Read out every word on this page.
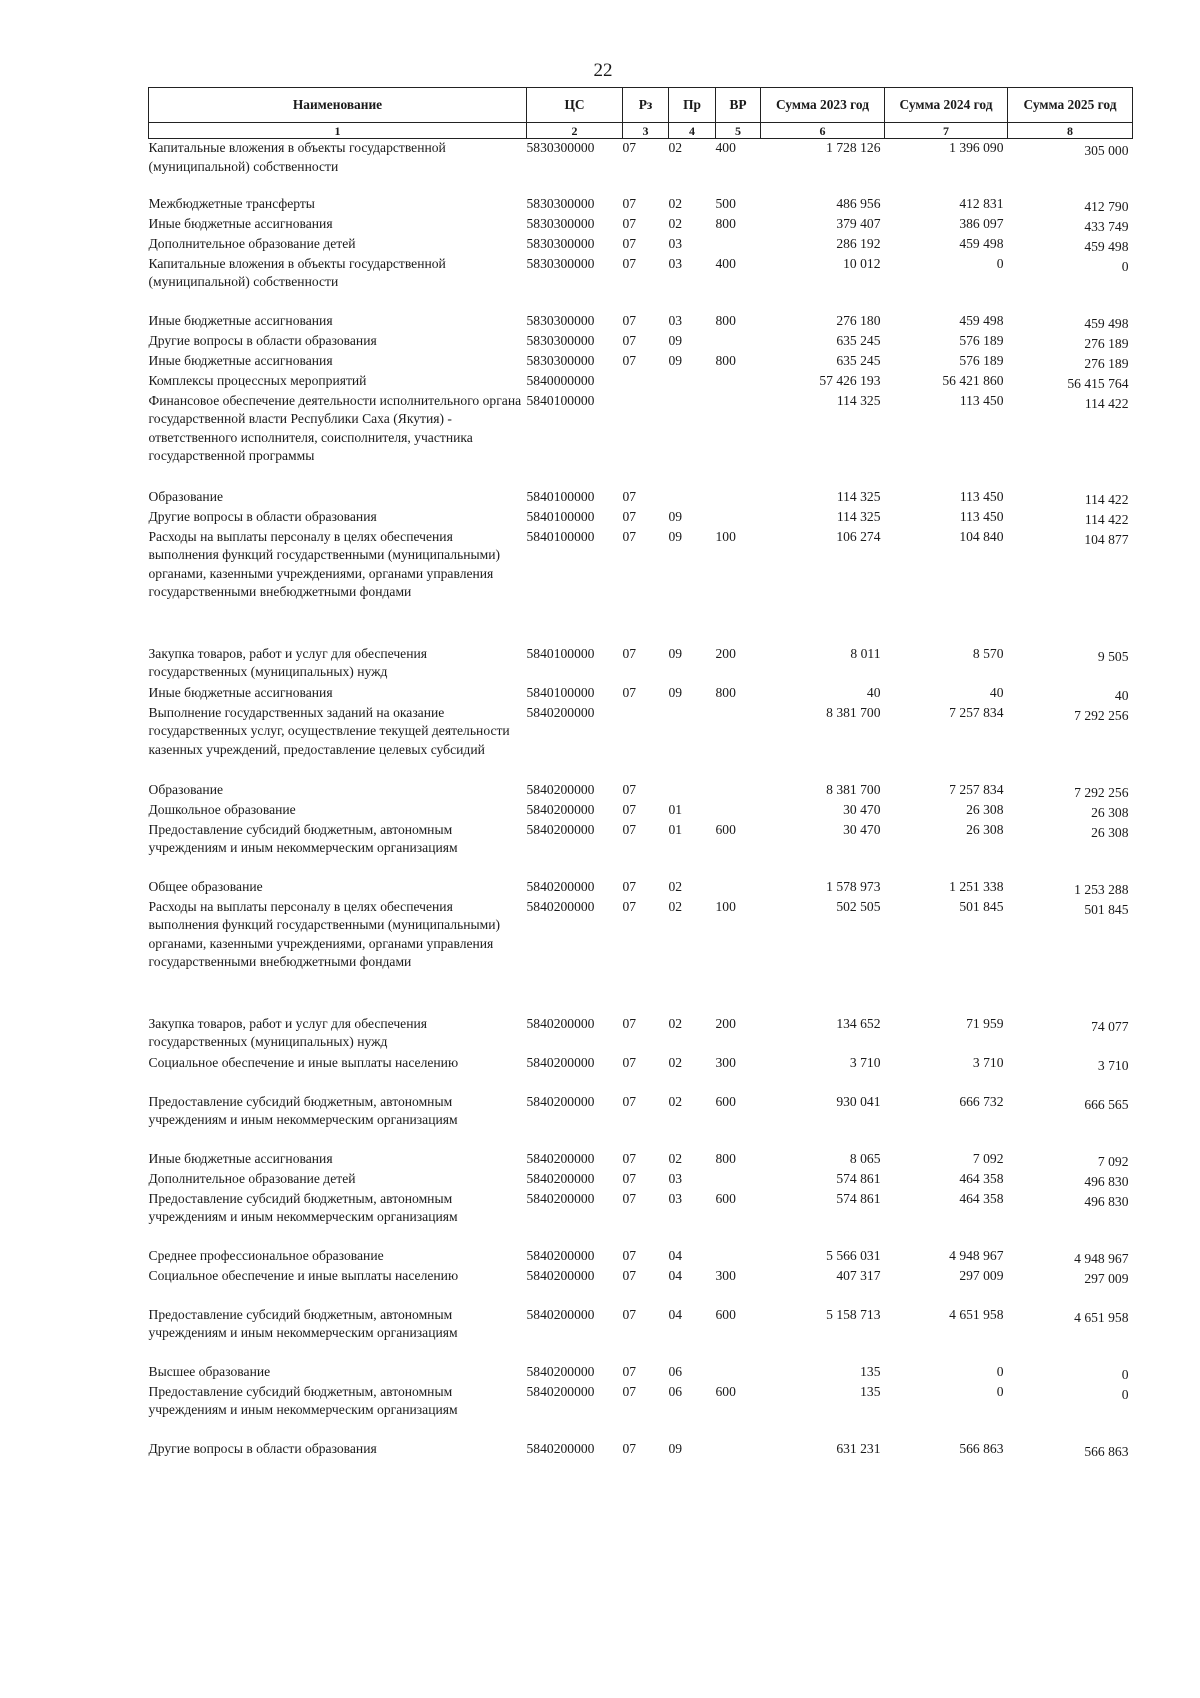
22
Наименование	ЦС	Рз	Пр	ВР	Сумма 2023 год	Сумма 2024 год	Сумма 2025 год
1	2	3	4	5	6	7	8
Капитальные вложения в объекты государственной (муниципальной) собственности	5830300000	07	02	400	1 728 126	1 396 090	305 000
Межбюджетные трансферты	5830300000	07	02	500	486 956	412 831	412 790
Иные бюджетные ассигнования	5830300000	07	02	800	379 407	386 097	433 749
Дополнительное образование детей	5830300000	07	03		286 192	459 498	459 498
Капитальные вложения в объекты государственной (муниципальной) собственности	5830300000	07	03	400	10 012	0	0
Иные бюджетные ассигнования	5830300000	07	03	800	276 180	459 498	459 498
Другие вопросы в области образования	5830300000	07	09		635 245	576 189	276 189
Иные бюджетные ассигнования	5830300000	07	09	800	635 245	576 189	276 189
Комплексы процессных мероприятий	5840000000				57 426 193	56 421 860	56 415 764
Финансовое обеспечение деятельности исполнительного органа государственной власти Республики Саха (Якутия) - ответственного исполнителя, соисполнителя, участника государственной программы	5840100000				114 325	113 450	114 422
Образование	5840100000	07			114 325	113 450	114 422
Другие вопросы в области образования	5840100000	07	09		114 325	113 450	114 422
Расходы на выплаты персоналу в целях обеспечения выполнения функций государственными (муниципальными) органами, казенными учреждениями, органами управления государственными внебюджетными фондами	5840100000	07	09	100	106 274	104 840	104 877
Закупка товаров, работ и услуг для обеспечения государственных (муниципальных) нужд	5840100000	07	09	200	8 011	8 570	9 505
Иные бюджетные ассигнования	5840100000	07	09	800	40	40	40
Выполнение государственных заданий на оказание государственных услуг, осуществление текущей деятельности казенных учреждений, предоставление целевых субсидий	5840200000				8 381 700	7 257 834	7 292 256
Образование	5840200000	07			8 381 700	7 257 834	7 292 256
Дошкольное образование	5840200000	07	01		30 470	26 308	26 308
Предоставление субсидий бюджетным, автономным учреждениям и иным некоммерческим организациям	5840200000	07	01	600	30 470	26 308	26 308
Общее образование	5840200000	07	02		1 578 973	1 251 338	1 253 288
Расходы на выплаты персоналу в целях обеспечения выполнения функций государственными (муниципальными) органами, казенными учреждениями, органами управления государственными внебюджетными фондами	5840200000	07	02	100	502 505	501 845	501 845
Закупка товаров, работ и услуг для обеспечения государственных (муниципальных) нужд	5840200000	07	02	200	134 652	71 959	74 077
Социальное обеспечение и иные выплаты населению	5840200000	07	02	300	3 710	3 710	3 710
Предоставление субсидий бюджетным, автономным учреждениям и иным некоммерческим организациям	5840200000	07	02	600	930 041	666 732	666 565
Иные бюджетные ассигнования	5840200000	07	02	800	8 065	7 092	7 092
Дополнительное образование детей	5840200000	07	03		574 861	464 358	496 830
Предоставление субсидий бюджетным, автономным учреждениям и иным некоммерческим организациям	5840200000	07	03	600	574 861	464 358	496 830
Среднее профессиональное образование	5840200000	07	04		5 566 031	4 948 967	4 948 967
Социальное обеспечение и иные выплаты населению	5840200000	07	04	300	407 317	297 009	297 009
Предоставление субсидий бюджетным, автономным учреждениям и иным некоммерческим организациям	5840200000	07	04	600	5 158 713	4 651 958	4 651 958
Высшее образование	5840200000	07	06		135	0	0
Предоставление субсидий бюджетным, автономным учреждениям и иным некоммерческим организациям	5840200000	07	06	600	135	0	0
Другие вопросы в области образования	5840200000	07	09		631 231	566 863	566 863
